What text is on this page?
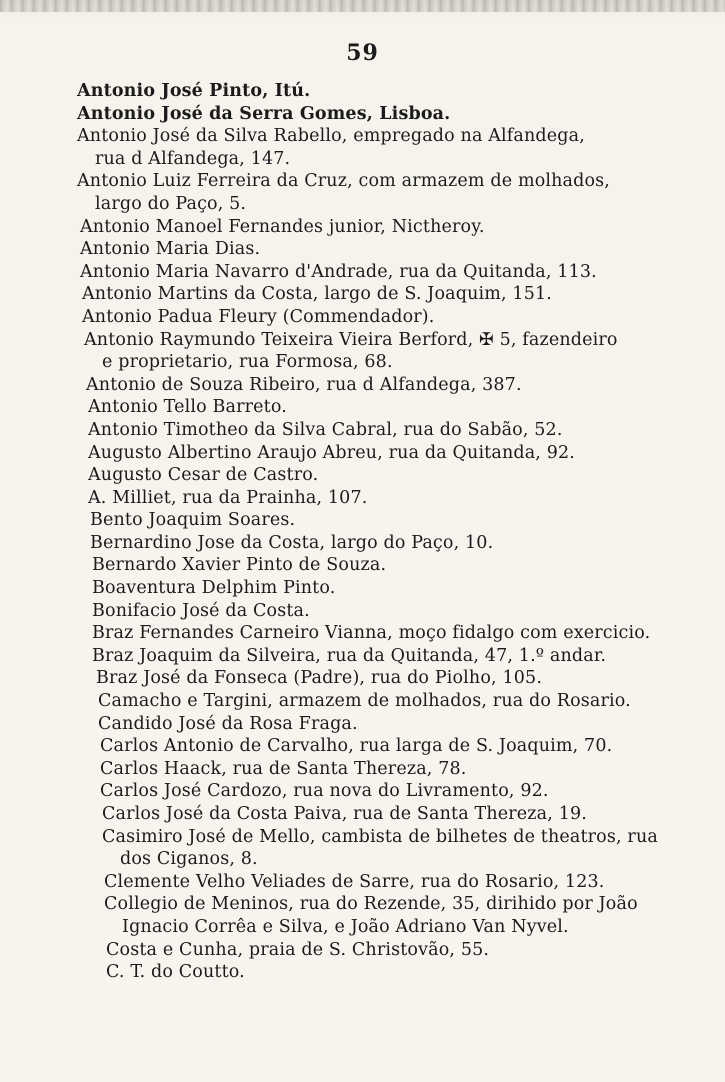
59
Antonio José Pinto, Itú.
Antonio José da Serra Gomes, Lisboa.
Antonio José da Silva Rabello, empregado na Alfandega,
rua d Alfandega, 147.
Antonio Luiz Ferreira da Cruz, com armazem de molhados,
largo do Paço, 5.
Antonio Manoel Fernandes junior, Nictheroy.
Antonio Maria Dias.
Antonio Maria Navarro d'Andrade, rua da Quitanda, 113.
Antonio Martins da Costa, largo de S. Joaquim, 151.
Antonio Padua Fleury (Commendador).
Antonio Raymundo Teixeira Vieira Berford, ✠ 5, fazendeiro
e proprietario, rua Formosa, 68.
Antonio de Souza Ribeiro, rua d Alfandega, 387.
Antonio Tello Barreto.
Antonio Timotheo da Silva Cabral, rua do Sabão, 52.
Augusto Albertino Araujo Abreu, rua da Quitanda, 92.
Augusto Cesar de Castro.
A. Milliet, rua da Prainha, 107.
Bento Joaquim Soares.
Bernardino Jose da Costa, largo do Paço, 10.
Bernardo Xavier Pinto de Souza.
Boaventura Delphim Pinto.
Bonifacio José da Costa.
Braz Fernandes Carneiro Vianna, moço fidalgo com exercicio.
Braz Joaquim da Silveira, rua da Quitanda, 47, 1.º andar.
Braz José da Fonseca (Padre), rua do Piolho, 105.
Camacho e Targini, armazem de molhados, rua do Rosario.
Candido José da Rosa Fraga.
Carlos Antonio de Carvalho, rua larga de S. Joaquim, 70.
Carlos Haack, rua de Santa Thereza, 78.
Carlos José Cardozo, rua nova do Livramento, 92.
Carlos José da Costa Paiva, rua de Santa Thereza, 19.
Casimiro José de Mello, cambista de bilhetes de theatros, rua
dos Ciganos, 8.
Clemente Velho Veliades de Sarre, rua do Rosario, 123.
Collegio de Meninos, rua do Rezende, 35, dirihido por João
Ignacio Corrêa e Silva, e João Adriano Van Nyvel.
Costa e Cunha, praia de S. Christovão, 55.
C. T. do Coutto.
